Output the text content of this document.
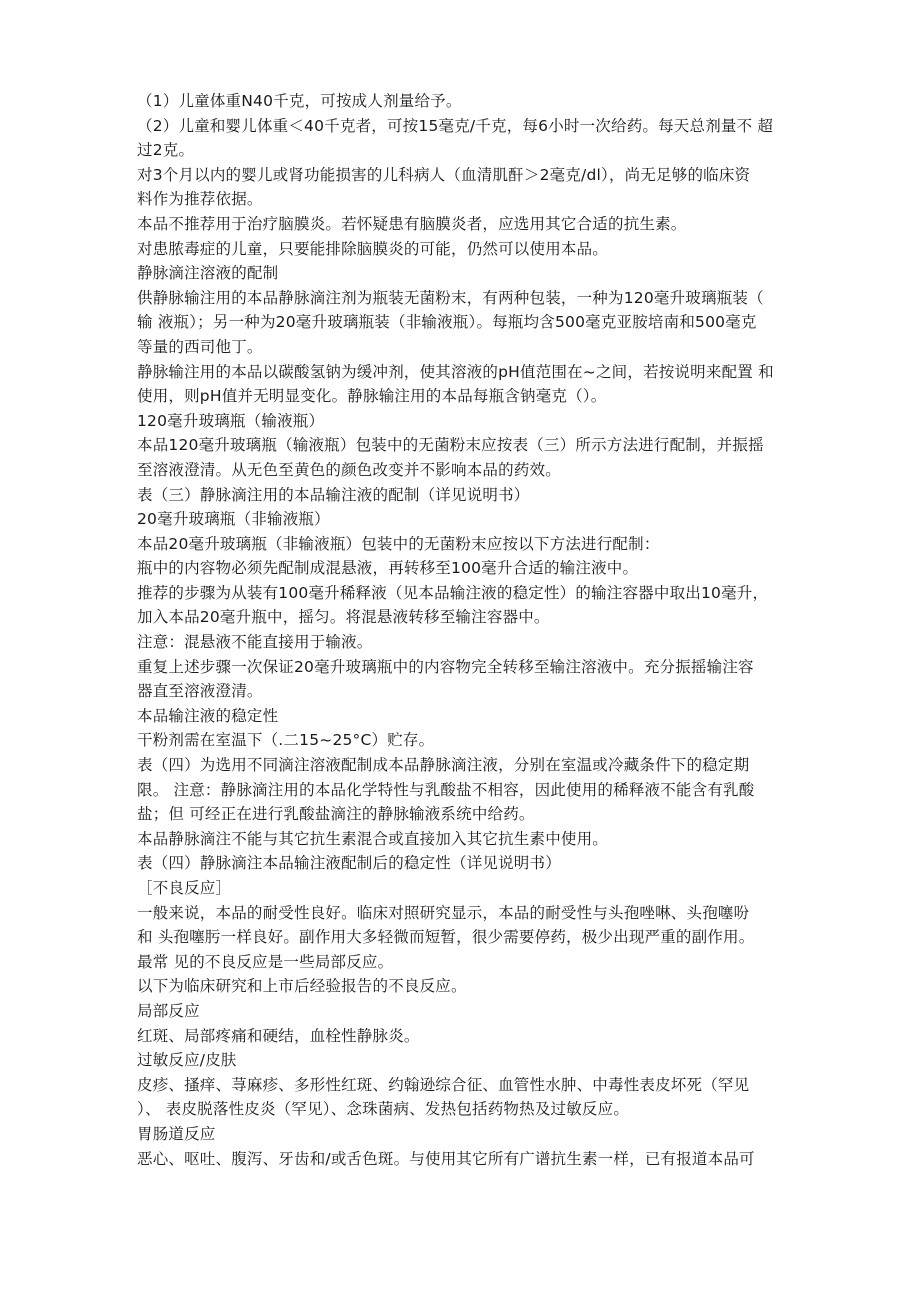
（1）儿童体重N40千克，可按成人剂量给予。
（2）儿童和婴儿体重＜40千克者，可按15毫克/千克，每6小时一次给药。每天总剂量不 超
过2克。
对3个月以内的婴儿或肾功能损害的儿科病人（血清肌酐＞2毫克/dl），尚无足够的临床资
料作为推荐依据。
本品不推荐用于治疗脑膜炎。若怀疑患有脑膜炎者，应选用其它合适的抗生素。
对患脓毒症的儿童，只要能排除脑膜炎的可能，仍然可以使用本品。
静脉滴注溶液的配制
供静脉输注用的本品静脉滴注剂为瓶装无菌粉末，有两种包装，一种为120毫升玻璃瓶装（
输 液瓶）；另一种为20毫升玻璃瓶装（非输液瓶）。每瓶均含500毫克亚胺培南和500毫克
等量的西司他丁。
静脉输注用的本品以碳酸氢钠为缓冲剂，使其溶液的pH值范围在~之间，若按说明来配置 和
使用，则pH值并无明显变化。静脉输注用的本品每瓶含钠毫克（）。
120毫升玻璃瓶（输液瓶）
本品120毫升玻璃瓶（输液瓶）包装中的无菌粉末应按表（三）所示方法进行配制，并振摇
至溶液澄清。从无色至黄色的颜色改变并不影响本品的药效。
表（三）静脉滴注用的本品输注液的配制（详见说明书）
20毫升玻璃瓶（非输液瓶）
本品20毫升玻璃瓶（非输液瓶）包装中的无菌粉末应按以下方法进行配制：
瓶中的内容物必须先配制成混悬液，再转移至100毫升合适的输注液中。
推荐的步骤为从装有100毫升稀释液（见本品输注液的稳定性）的输注容器中取出10毫升，
加入本品20毫升瓶中，摇匀。将混悬液转移至输注容器中。
注意：混悬液不能直接用于输液。
重复上述步骤一次保证20毫升玻璃瓶中的内容物完全转移至输注溶液中。充分振摇输注容
器直至溶液澄清。
本品输注液的稳定性
干粉剂需在室温下（.二15~25°C）贮存。
表（四）为选用不同滴注溶液配制成本品静脉滴注液，分别在室温或冷藏条件下的稳定期
限。 注意：静脉滴注用的本品化学特性与乳酸盐不相容，因此使用的稀释液不能含有乳酸
盐；但 可经正在进行乳酸盐滴注的静脉输液系统中给药。
本品静脉滴注不能与其它抗生素混合或直接加入其它抗生素中使用。
表（四）静脉滴注本品输注液配制后的稳定性（详见说明书）
［不良反应］
一般来说，本品的耐受性良好。临床对照研究显示，本品的耐受性与头孢唑啉、头孢噻吩
和 头孢噻肟一样良好。副作用大多轻微而短暂，很少需要停药，极少出现严重的副作用。
最常 见的不良反应是一些局部反应。
以下为临床研究和上市后经验报告的不良反应。
局部反应
红斑、局部疼痛和硬结，血栓性静脉炎。
过敏反应/皮肤
皮疹、搔痒、荨麻疹、多形性红斑、约翰逊综合征、血管性水肿、中毒性表皮坏死（罕见
）、 表皮脱落性皮炎（罕见）、念珠菌病、发热包括药物热及过敏反应。
胃肠道反应
恶心、呕吐、腹泻、牙齿和/或舌色斑。与使用其它所有广谱抗生素一样，已有报道本品可
